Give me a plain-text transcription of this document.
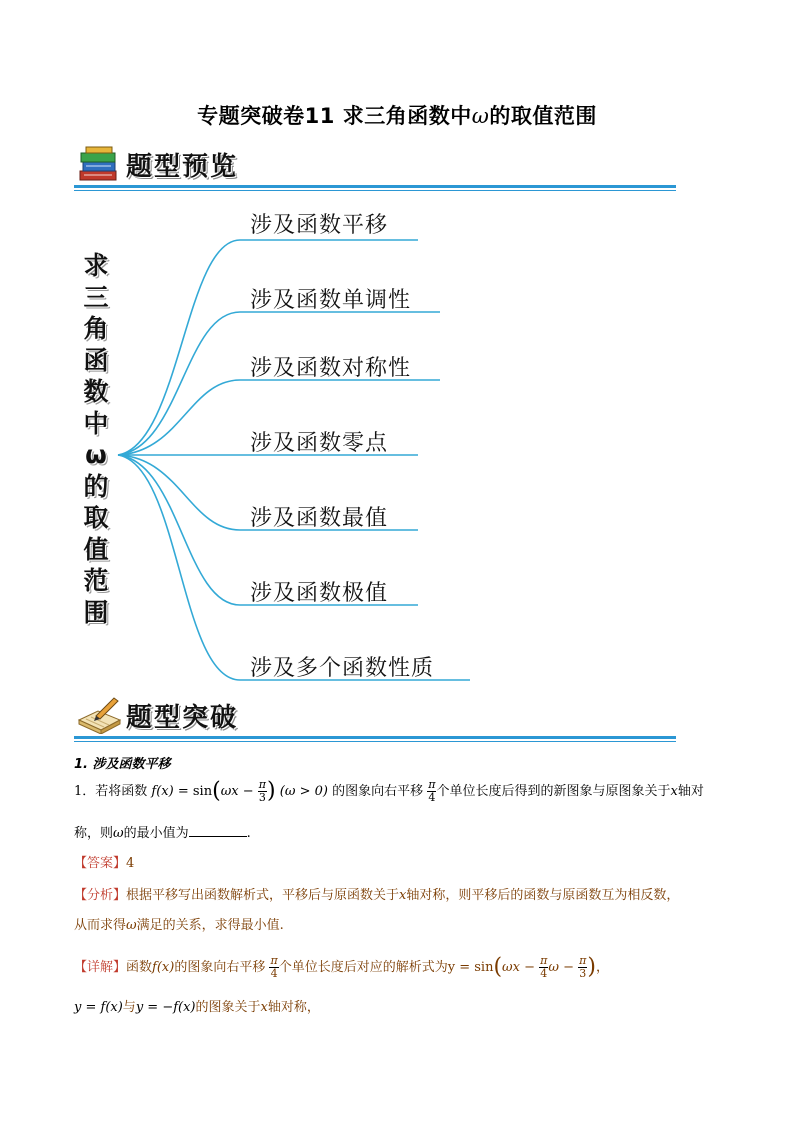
专题突破卷11 求三角函数中ω的取值范围
题型预览
求三角函数中ω的取值范围
涉及函数平移
涉及函数单调性
涉及函数对称性
涉及函数零点
涉及函数最值
涉及函数极值
涉及多个函数性质
题型突破
1. 涉及函数平移
1．若将函数 $f(x) = \sin(\omega x - \frac{\pi}{3}$ ) (ω > 0) 的图象向右平移 $\frac{\pi}{4}$ 个单位长度后得到的新图象与原图象关于x轴对
称，则ω的最小值为	.
【答案】4
【分析】根据平移写出函数解析式，平移后与原函数关于x轴对称，则平移后的函数与原函数互为相反数，
从而求得ω满足的关系，求得最小值.
【详解】函数f(x)的图象向右平移 $\frac{\pi}{4}$ 个单位长度后对应的解析式为$y = \sin(\omega x - \frac{\pi}{4}$ $\omega - \frac{\pi}{3}$ )，
y = f(x)与y = −f(x)的图象关于x轴对称，
